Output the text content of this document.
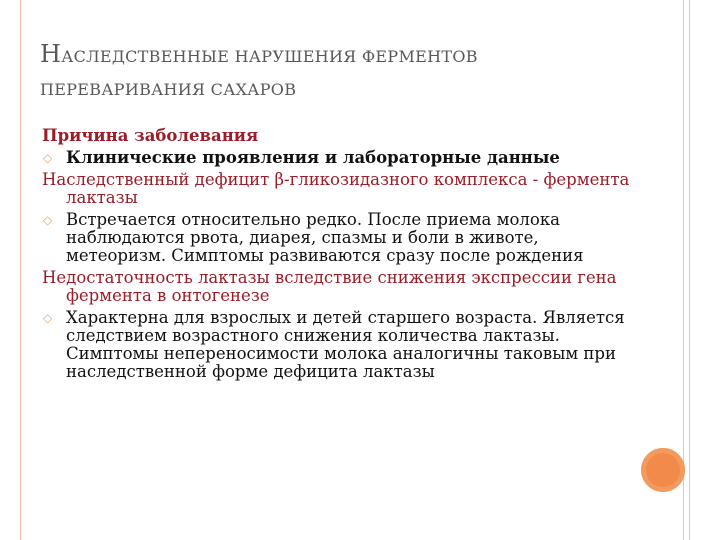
НАСЛЕДСТВЕННЫЕ НАРУШЕНИЯ ФЕРМЕНТОВ
ПЕРЕВАРИВАНИЯ САХАРОВ
Причина заболевания
◇ Клинические проявления и лабораторные данные
Наследственный дефицит β-гликозидазного комплекса - фермента лактазы
◇ Встречается относительно редко. После приема молока наблюдаются рвота, диарея, спазмы и боли в животе, метеоризм. Симптомы развиваются сразу после рождения
Недостаточность лактазы вследствие снижения экспрессии гена фермента в онтогенезе
◇ Характерна для взрослых и детей старшего возраста. Является следствием возрастного снижения количества лактазы. Симптомы непереносимости молока аналогичны таковым при наследственной форме дефицита лактазы
